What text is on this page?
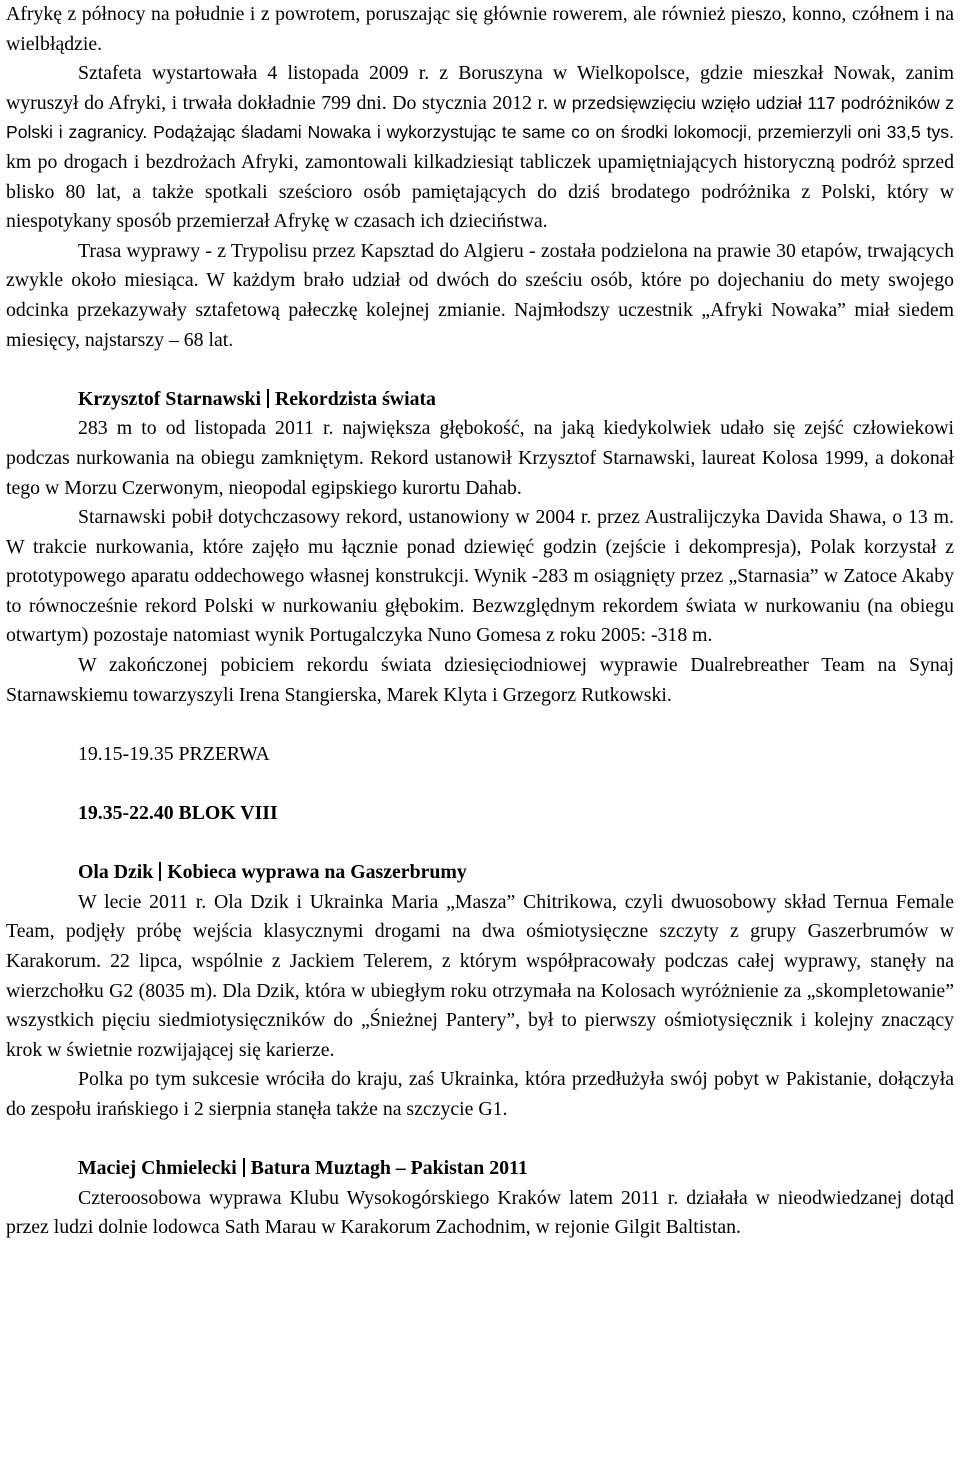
Afrykę z północy na południe i z powrotem, poruszając się głównie rowerem, ale również pieszo, konno, czółnem i na wielbłądzie.

Sztafeta wystartowała 4 listopada 2009 r. z Boruszyna w Wielkopolsce, gdzie mieszkał Nowak, zanim wyruszył do Afryki, i trwała dokładnie 799 dni. Do stycznia 2012 r. w przedsięwzięciu wzięło udział 117 podróżników z Polski i zagranicy. Podążając śladami Nowaka i wykorzystując te same co on środki lokomocji, przemierzyli oni 33,5 tys. km po drogach i bezdrożach Afryki, zamontowali kilkadziesiąt tabliczek upamiętniających historyczną podróż sprzed blisko 80 lat, a także spotkali sześcioro osób pamiętających do dziś brodatego podróżnika z Polski, który w niespotykany sposób przemierzał Afrykę w czasach ich dzieciństwa.

Trasa wyprawy - z Trypolisu przez Kapsztad do Algieru - została podzielona na prawie 30 etapów, trwających zwykle około miesiąca. W każdym brało udział od dwóch do sześciu osób, które po dojechaniu do mety swojego odcinka przekazywały sztafetową pałeczkę kolejnej zmianie. Najmłodszy uczestnik „Afryki Nowaka” miał siedem miesięcy, najstarszy – 68 lat.

Krzysztof Starnawski Rekordzista świata

283 m to od listopada 2011 r. największa głębokość, na jaką kiedykolwiek udało się zejść człowiekowi podczas nurkowania na obiegu zamkniętym. Rekord ustanowił Krzysztof Starnawski, laureat Kolosa 1999, a dokonał tego w Morzu Czerwonym, nieopodal egipskiego kurortu Dahab.

Starnawski pobił dotychczasowy rekord, ustanowiony w 2004 r. przez Australijczyka Davida Shawa, o 13 m. W trakcie nurkowania, które zajęło mu łącznie ponad dziewięć godzin (zejście i dekompresja), Polak korzystał z prototypowego aparatu oddechowego własnej konstrukcji. Wynik -283 m osiągnięty przez „Starnasia” w Zatoce Akaby to równocześnie rekord Polski w nurkowaniu głębokim. Bezwzględnym rekordem świata w nurkowaniu (na obiegu otwartym) pozostaje natomiast wynik Portugalczyka Nuno Gomesa z roku 2005: -318 m.

W zakończonej pobiciem rekordu świata dziesięciodniowej wyprawie Dualrebreather Team na Synaj Starnawskiemu towarzyszyli Irena Stangierska, Marek Klyta i Grzegorz Rutkowski.

19.15-19.35 PRZERWA

19.35-22.40 BLOK VIII

Ola Dzik Kobieca wyprawa na Gaszerbrumy

W lecie 2011 r. Ola Dzik i Ukrainka Maria „Masza” Chitrikowa, czyli dwuosobowy skład Ternua Female Team, podjęły próbę wejścia klasycznymi drogami na dwa ośmiotysięczne szczyty z grupy Gaszerbrumów w Karakorum. 22 lipca, wspólnie z Jackiem Telerem, z którym współpracowały podczas całej wyprawy, stanęły na wierzchołku G2 (8035 m). Dla Dzik, która w ubiegłym roku otrzymała na Kolosach wyróżnienie za „skompletowanie” wszystkich pięciu siedmiotysięczników do „Śnieżnej Pantery”, był to pierwszy ośmiotysięcznik i kolejny znaczący krok w świetnie rozwijającej się karierze.

Polka po tym sukcesie wróciła do kraju, zaś Ukrainka, która przedłużyła swój pobyt w Pakistanie, dołączyła do zespołu irańskiego i 2 sierpnia stanęła także na szczycie G1.

Maciej Chmielecki Batura Muztagh – Pakistan 2011

Czteroosobowa wyprawa Klubu Wysokogórskiego Kraków latem 2011 r. działała w nieodwiedzanej dotąd przez ludzi dolnie lodowca Sath Marau w Karakorum Zachodnim, w rejonie Gilgit Baltistan.
